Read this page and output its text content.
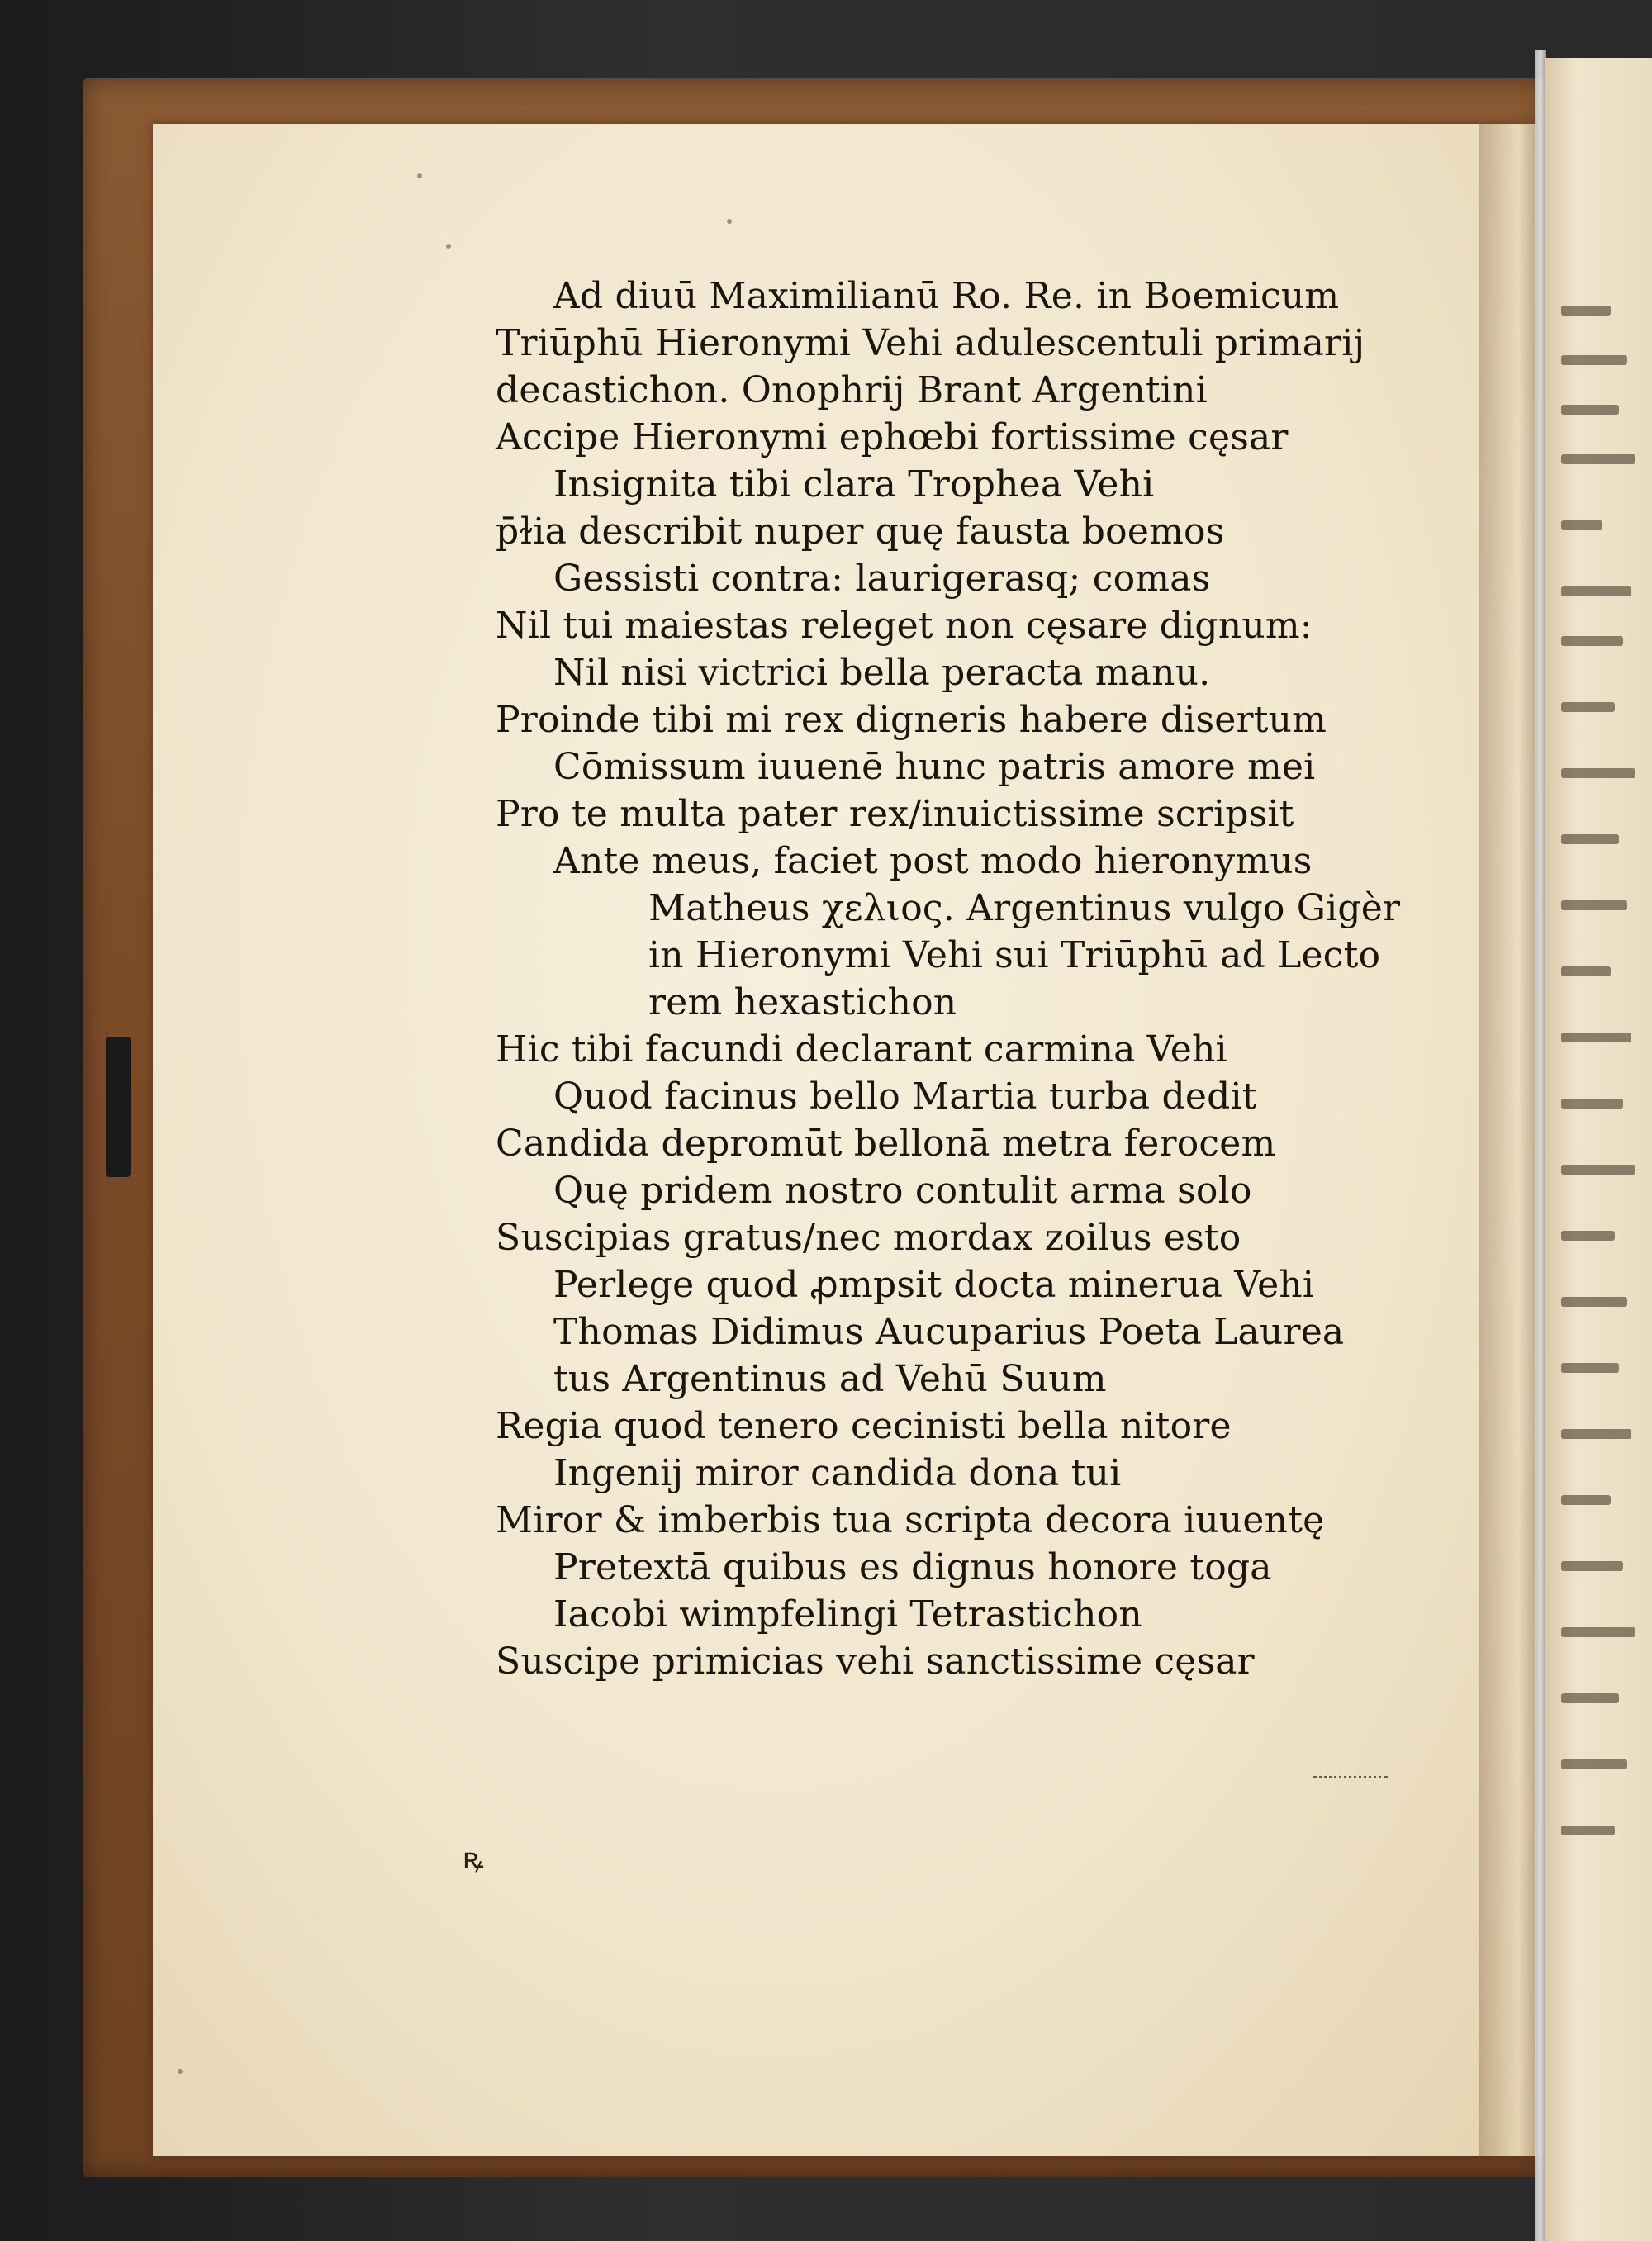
Ad diuū Maximilianū Ro. Re. in Boemicum
Triūphū Hieronymi Vehi adulescentuli primarij
decastichon. Onophrij Brant Argentini
Accipe Hieronymi ephœbi fortissime cęsar
Insignita tibi clara Trophea Vehi
p̄ɫia describit nuper quę fausta boemos
Gessisti contra: laurigerasq; comas
Nil tui maiestas releget non cęsare dignum:
Nil nisi victrici bella peracta manu.
Proinde tibi mi rex digneris habere disertum
Cōmissum iuuenē hunc patris amore mei
Pro te multa pater rex/inuictissime scripsit
Ante meus, faciet post modo hieronymus
Matheus χελιος. Argentinus vulgo Gigèr
in Hieronymi Vehi sui Triūphū ad Lecto
rem hexastichon
Hic tibi facundi declarant carmina Vehi
Quod facinus bello Martia turba dedit
Candida depromūt bellonā metra ferocem
Quę pridem nostro contulit arma solo
Suscipias gratus/nec mordax zoilus esto
Perlege quod ꝓmpsit docta minerua Vehi
Thomas Didimus Aucuparius Poeta Laurea
tus Argentinus ad Vehū Suum
Regia quod tenero cecinisti bella nitore
Ingenij miror candida dona tui
Miror & imberbis tua scripta decora iuuentę
Pretextā quibus es dignus honore toga
Iacobi wimpfelingi Tetrastichon
Suscipe primicias vehi sanctissime cęsar
ꝶ
